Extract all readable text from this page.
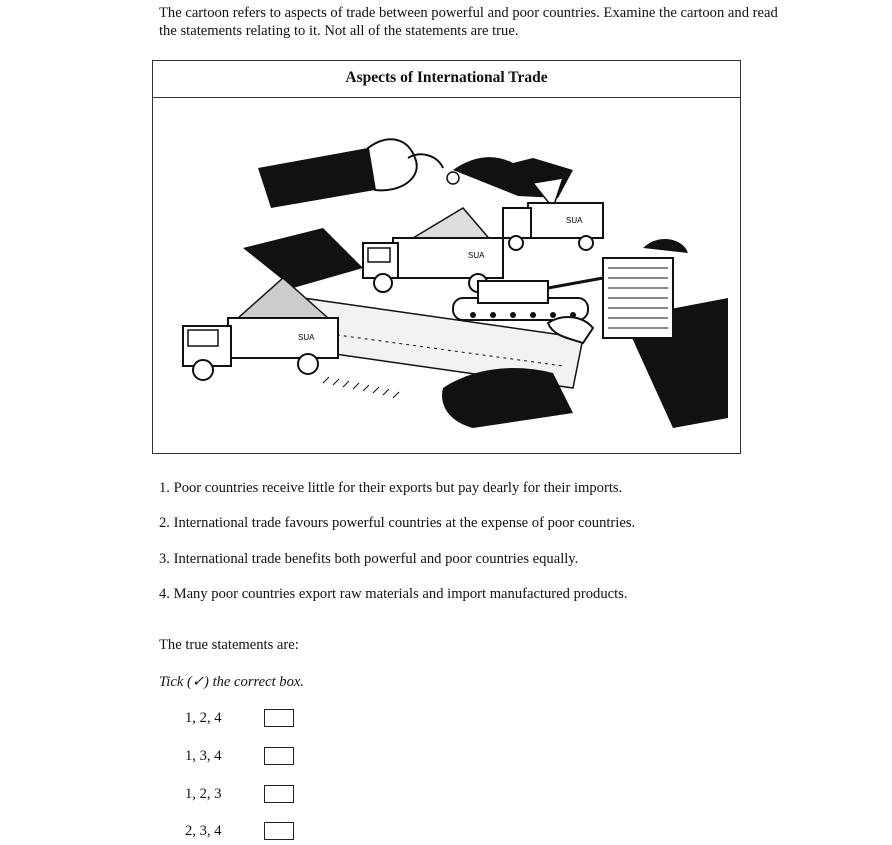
The cartoon refers to aspects of trade between powerful and poor countries. Examine the cartoon and read the statements relating to it. Not all of the statements are true.
Aspects of International Trade
SUA
SUA
SUA
1. Poor countries receive little for their exports but pay dearly for their imports.
2. International trade favours powerful countries at the expense of poor countries.
3. International trade benefits both powerful and poor countries equally.
4. Many poor countries export raw materials and import manufactured products.
The true statements are:
Tick (✓) the correct box.
1, 2, 4
1, 3, 4
1, 2, 3
2, 3, 4
